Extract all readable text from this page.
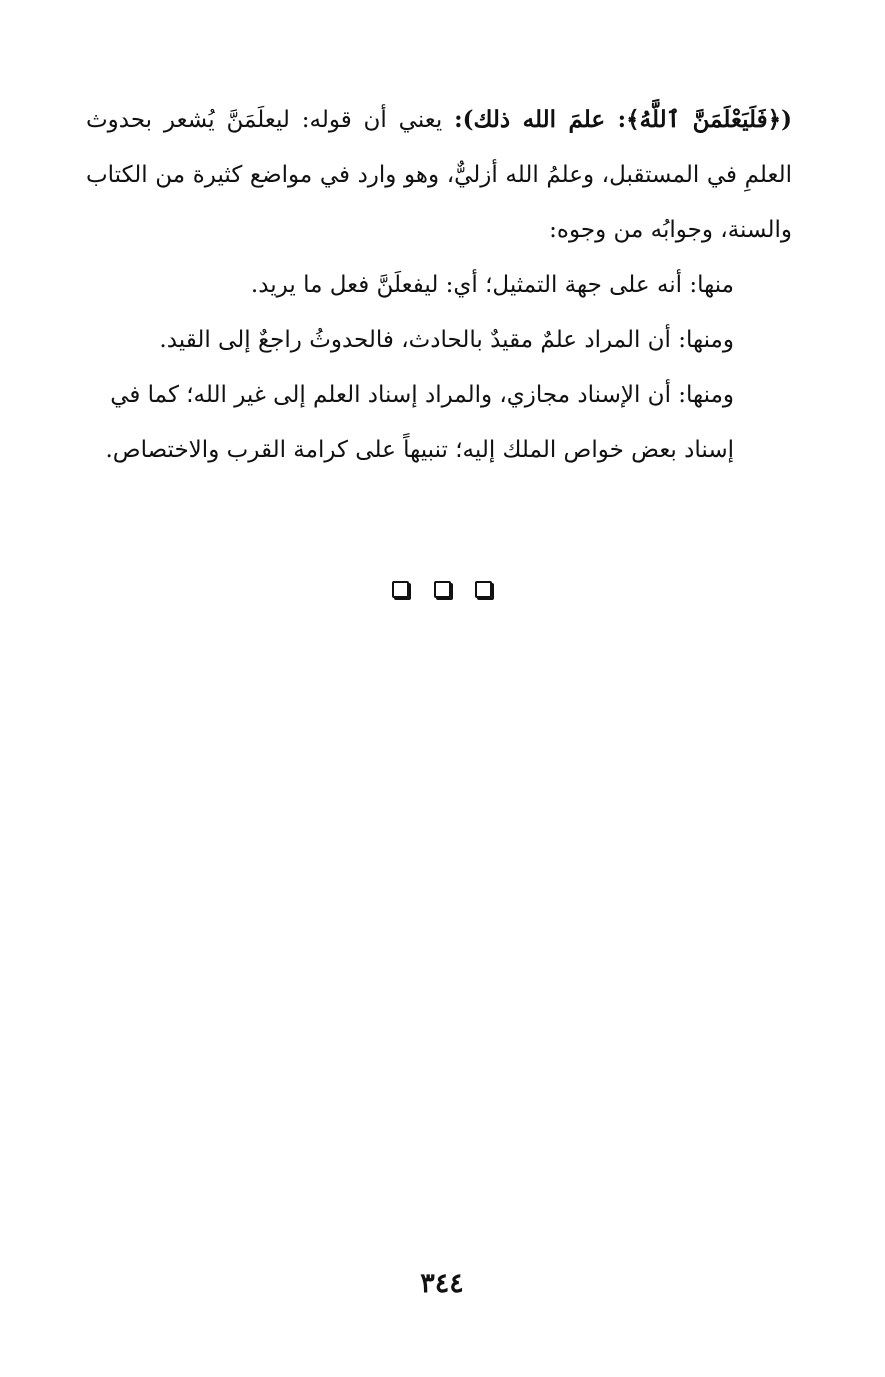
(﴿فَلَيَعْلَمَنَّ ٱللَّهُ﴾: علمَ الله ذلك): يعني أن قوله: ليعلَمَنَّ يُشعر بحدوث العلمِ في المستقبل، وعلمُ الله أزليٌّ، وهو وارد في مواضع كثيرة من الكتاب والسنة، وجوابُه من وجوه:

منها: أنه على جهة التمثيل؛ أي: ليفعلَنَّ فعل ما يريد.

ومنها: أن المراد علمٌ مقيدٌ بالحادث، فالحدوثُ راجعٌ إلى القيد.

ومنها: أن الإسناد مجازي، والمراد إسناد العلم إلى غير الله؛ كما في إسناد بعض خواص الملك إليه؛ تنبيهاً على كرامة القرب والاختصاص.

٣٤٤
